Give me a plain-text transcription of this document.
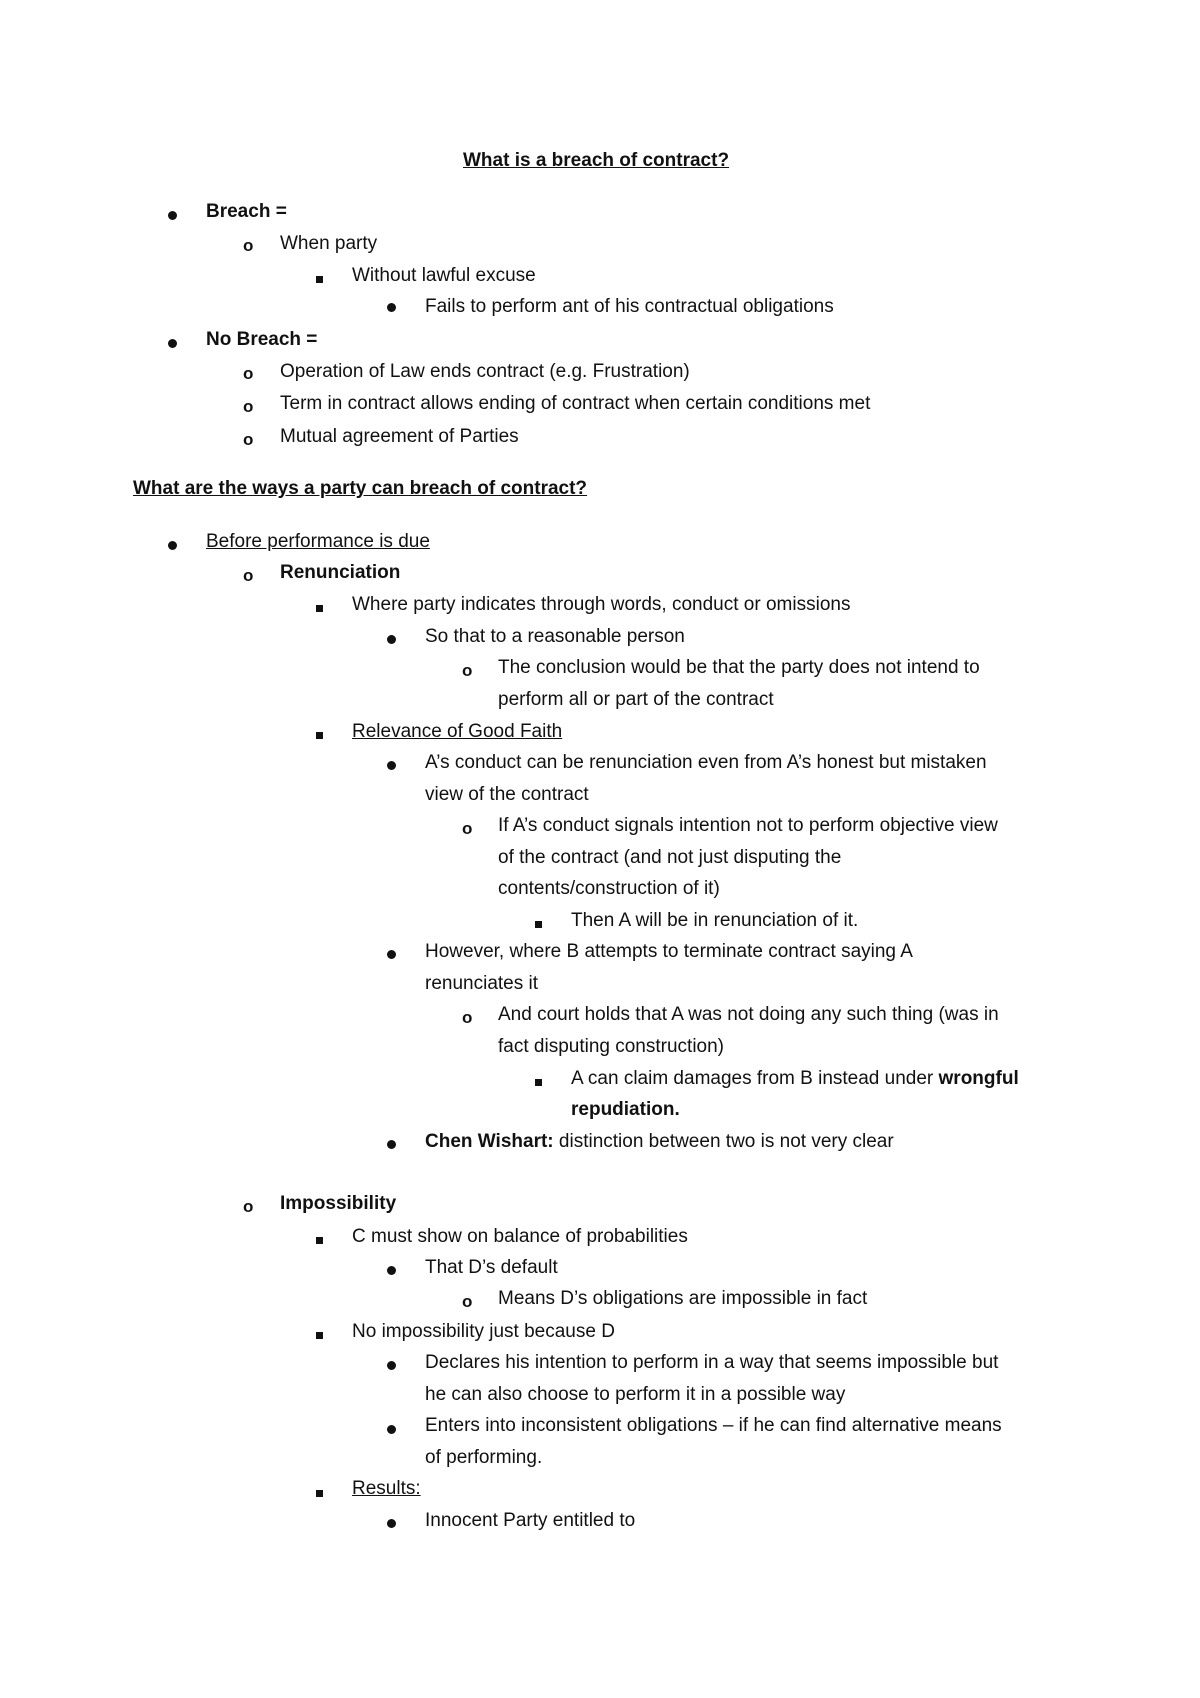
What is a breach of contract?
Breach =
o When party
Without lawful excuse
Fails to perform ant of his contractual obligations
No Breach =
o Operation of Law ends contract (e.g. Frustration)
o Term in contract allows ending of contract when certain conditions met
o Mutual agreement of Parties
What are the ways a party can breach of contract?
Before performance is due
o Renunciation
Where party indicates through words, conduct or omissions
So that to a reasonable person
o The conclusion would be that the party does not intend to
perform all or part of the contract
Relevance of Good Faith
A’s conduct can be renunciation even from A’s honest but mistaken
view of the contract
o If A’s conduct signals intention not to perform objective view
of the contract (and not just disputing the
contents/construction of it)
Then A will be in renunciation of it.
However, where B attempts to terminate contract saying A
renunciates it
o And court holds that A was not doing any such thing (was in
fact disputing construction)
A can claim damages from B instead under wrongful
repudiation.
Chen Wishart: distinction between two is not very clear
o Impossibility
C must show on balance of probabilities
That D’s default
o Means D’s obligations are impossible in fact
No impossibility just because D
Declares his intention to perform in a way that seems impossible but
he can also choose to perform it in a possible way
Enters into inconsistent obligations – if he can find alternative means
of performing.
Results:
Innocent Party entitled to
